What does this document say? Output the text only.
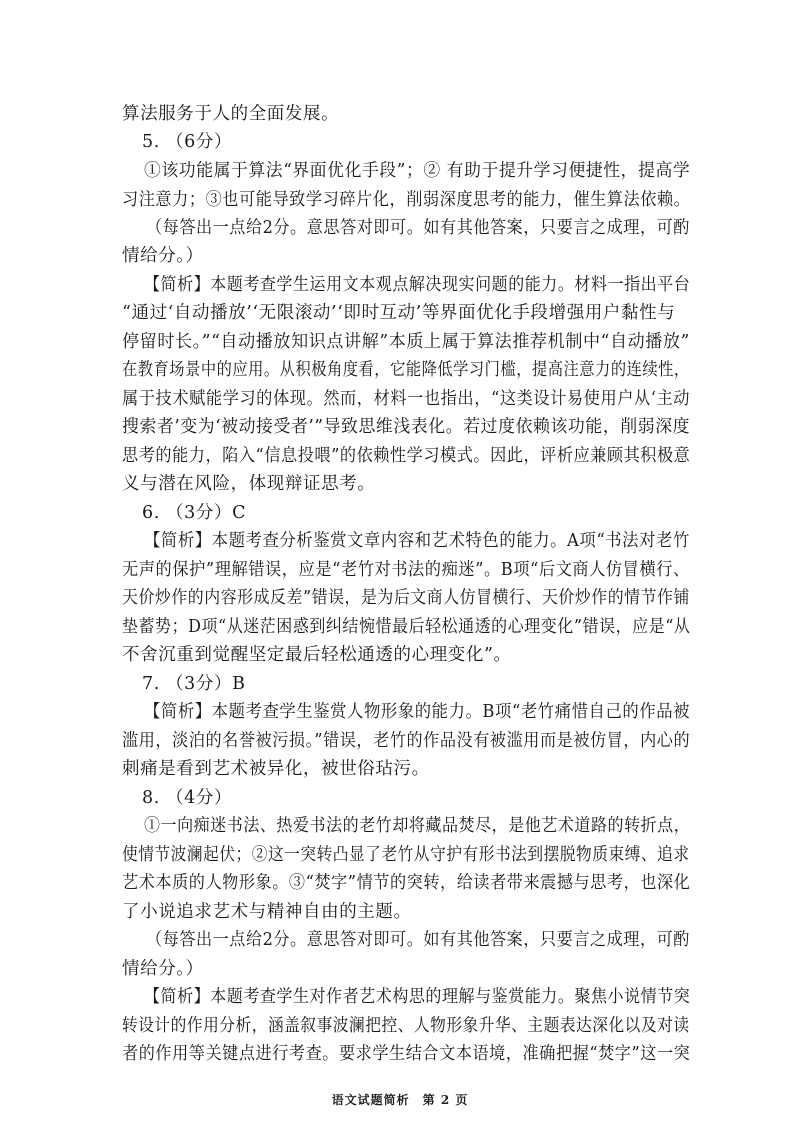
算法服务于人的全面发展。
5. （6分）
①该功能属于算法“界面优化手段”；② 有助于提升学习便捷性，提高学
习注意力；③也可能导致学习碎片化，削弱深度思考的能力，催生算法依赖。
（每答出一点给2分。意思答对即可。如有其他答案，只要言之成理，可酌
情给分。）
【简析】本题考查学生运用文本观点解决现实问题的能力。材料一指出平台
“通过‘自动播放’‘无限滚动’‘即时互动’等界面优化手段增强用户黏性与
停留时长。”“自动播放知识点讲解”本质上属于算法推荐机制中“自动播放”
在教育场景中的应用。从积极角度看，它能降低学习门槛，提高注意力的连续性，
属于技术赋能学习的体现。然而，材料一也指出，“这类设计易使用户从‘主动
搜索者’变为‘被动接受者’”导致思维浅表化。若过度依赖该功能，削弱深度
思考的能力，陷入“信息投喂”的依赖性学习模式。因此，评析应兼顾其积极意
义与潜在风险，体现辩证思考。
6. （3分）C
【简析】本题考查分析鉴赏文章内容和艺术特色的能力。A项“书法对老竹
无声的保护”理解错误，应是“老竹对书法的痴迷”。B项“后文商人仿冒横行、
天价炒作的内容形成反差”错误，是为后文商人仿冒横行、天价炒作的情节作铺
垫蓄势；D项“从迷茫困惑到纠结惋惜最后轻松通透的心理变化”错误，应是“从
不舍沉重到觉醒坚定最后轻松通透的心理变化”。
7. （3分）B
【简析】本题考查学生鉴赏人物形象的能力。B项“老竹痛惜自己的作品被
滥用，淡泊的名誉被污损。”错误，老竹的作品没有被滥用而是被仿冒，内心的
刺痛是看到艺术被异化，被世俗玷污。
8. （4分）
①一向痴迷书法、热爱书法的老竹却将藏品焚尽，是他艺术道路的转折点，
使情节波澜起伏；②这一突转凸显了老竹从守护有形书法到摆脱物质束缚、追求
艺术本质的人物形象。③“焚字”情节的突转，给读者带来震撼与思考，也深化
了小说追求艺术与精神自由的主题。
（每答出一点给2分。意思答对即可。如有其他答案，只要言之成理，可酌
情给分。）
【简析】本题考查学生对作者艺术构思的理解与鉴赏能力。聚焦小说情节突
转设计的作用分析，涵盖叙事波澜把控、人物形象升华、主题表达深化以及对读
者的作用等关键点进行考查。要求学生结合文本语境，准确把握“焚字”这一突
语文试题简析　第 2 页
